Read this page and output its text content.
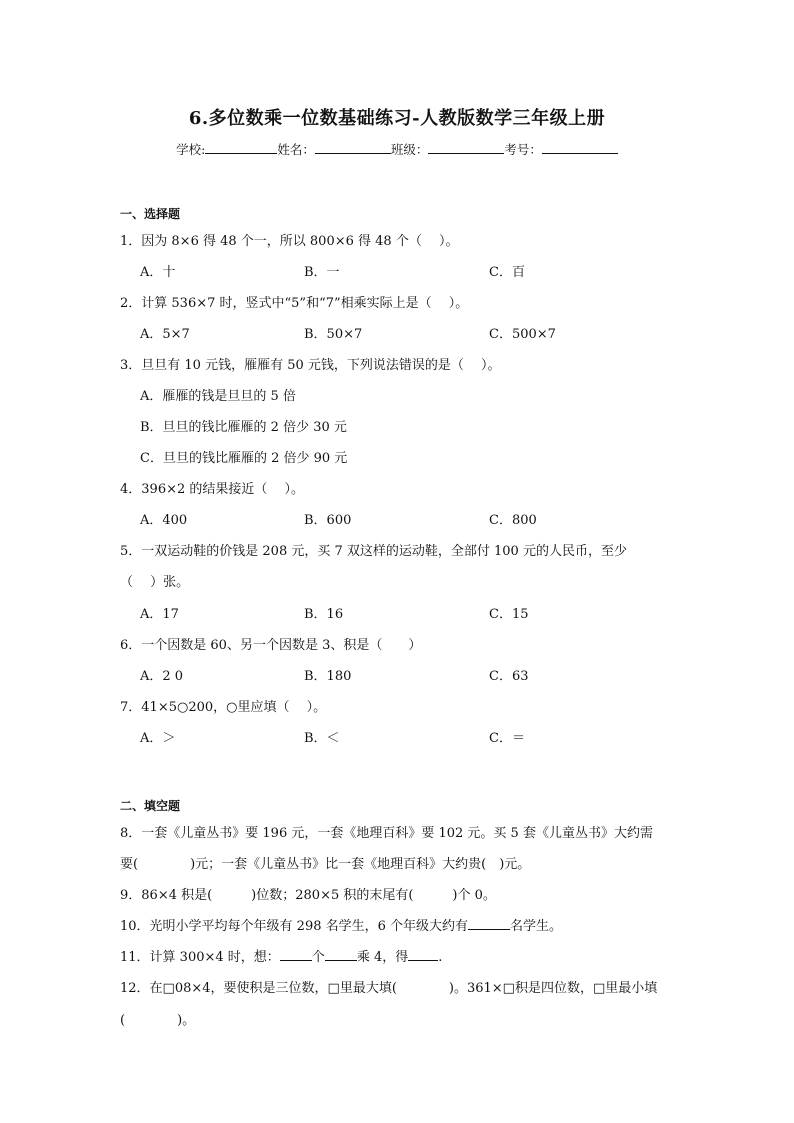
6.多位数乘一位数基础练习-人教版数学三年级上册
学校:	姓名：	班级：	考号：
一、选择题
1．因为 8×6 得 48 个一，所以 800×6 得 48 个（　 ）。
A．十	B．一	C．百
2．计算 536×7 时，竖式中“5”和“7”相乘实际上是（　 ）。
A．5×7	B．50×7	C．500×7
3．旦旦有 10 元钱，雁雁有 50 元钱，下列说法错误的是（　 ）。
A．雁雁的钱是旦旦的 5 倍
B．旦旦的钱比雁雁的 2 倍少 30 元
C．旦旦的钱比雁雁的 2 倍少 90 元
4．396×2 的结果接近（　 ）。
A．400	B．600	C．800
5．一双运动鞋的价钱是 208 元，买 7 双这样的运动鞋，全部付 100 元的人民币，至少
（　 ）张。
A．17	B．16	C．15
6．一个因数是 60、另一个因数是 3、积是（　　）
A．2 0	B．180	C．63
7．41×5○200，○里应填（　 ）。
A．＞	B．＜	C．＝
二、填空题
8．一套《儿童丛书》要 196 元，一套《地理百科》要 102 元。买 5 套《儿童丛书》大约需
要(　　　　)元；一套《儿童丛书》比一套《地理百科》大约贵(　)元。
9．86×4 积是(　　　)位数；280×5 积的末尾有(　　　)个 0。
10．光明小学平均每个年级有 298 名学生，6 个年级大约有	名学生。
11．计算 300×4 时，想： 个 乘 4，得 .
12．在□08×4，要使积是三位数，□里最大填(　　　　)。361×□积是四位数，□里最小填
(　　　　)。
